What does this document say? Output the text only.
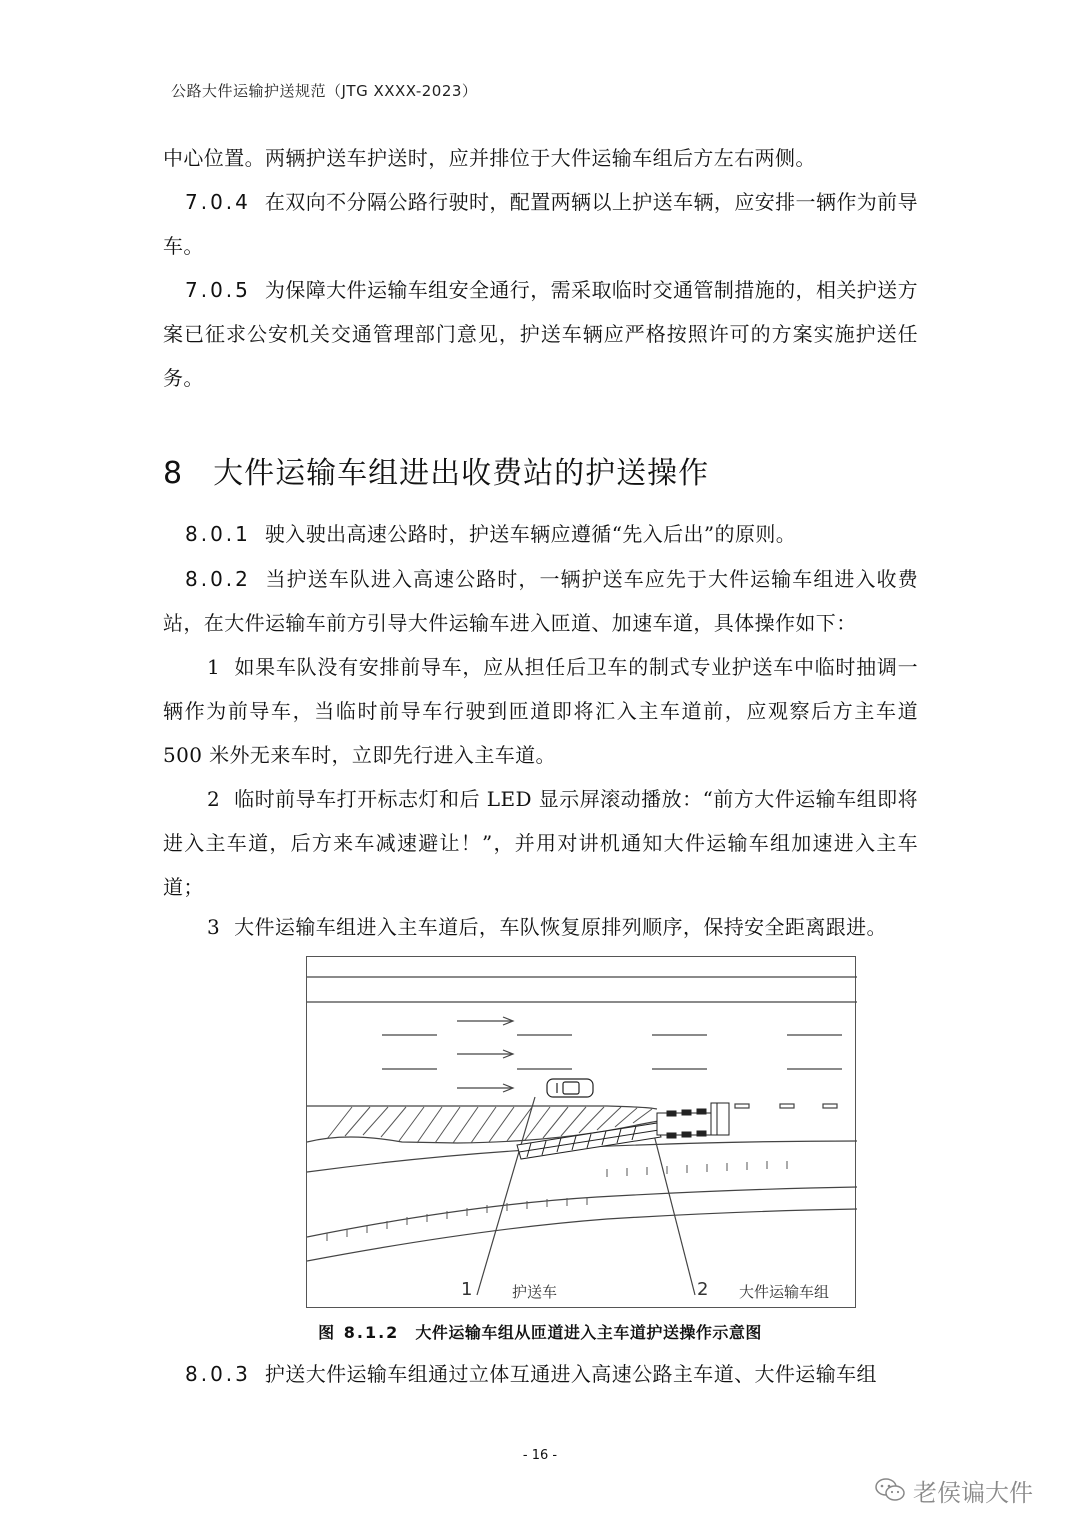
公路大件运输护送规范（JTG XXXX-2023）
中心位置。两辆护送车护送时，应并排位于大件运输车组后方左右两侧。
7.0.4 在双向不分隔公路行驶时，配置两辆以上护送车辆，应安排一辆作为前导车。
7.0.5 为保障大件运输车组安全通行，需采取临时交通管制措施的，相关护送方案已征求公安机关交通管理部门意见，护送车辆应严格按照许可的方案实施护送任务。
8 大件运输车组进出收费站的护送操作
8.0.1 驶入驶出高速公路时，护送车辆应遵循“先入后出”的原则。
8.0.2 当护送车队进入高速公路时，一辆护送车应先于大件运输车组进入收费站，在大件运输车前方引导大件运输车进入匝道、加速车道，具体操作如下：
1 如果车队没有安排前导车，应从担任后卫车的制式专业护送车中临时抽调一辆作为前导车，当临时前导车行驶到匝道即将汇入主车道前，应观察后方主车道 500 米外无来车时，立即先行进入主车道。
2 临时前导车打开标志灯和后 LED 显示屏滚动播放：“前方大件运输车组即将进入主车道，后方来车减速避让！”，并用对讲机通知大件运输车组加速进入主车道；
3 大件运输车组进入主车道后，车队恢复原排列顺序，保持安全距离跟进。
1	护送车	2 大件运输车组
图 8.1.2 大件运输车组从匝道进入主车道护送操作示意图
8.0.3 护送大件运输车组通过立体互通进入高速公路主车道、大件运输车组
- 16 -
老侯谝大件
